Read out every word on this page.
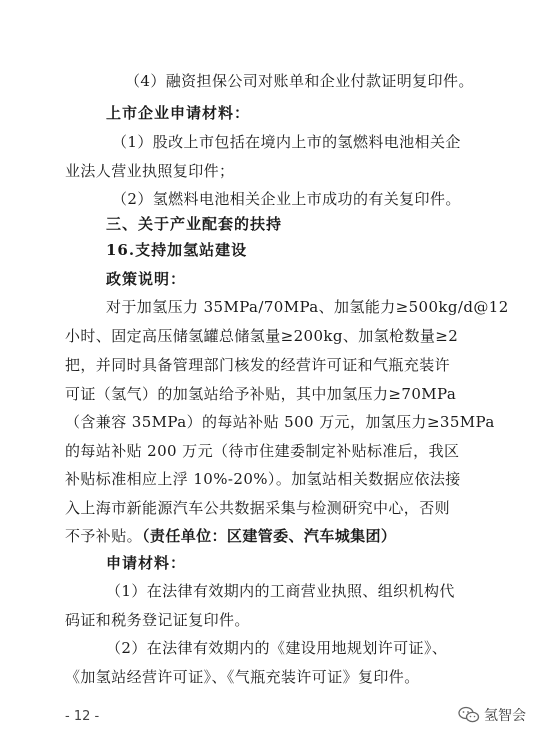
（4）融资担保公司对账单和企业付款证明复印件。
上市企业申请材料：
（1）股改上市包括在境内上市的氢燃料电池相关企
业法人营业执照复印件；
（2）氢燃料电池相关企业上市成功的有关复印件。
三、关于产业配套的扶持
16.支持加氢站建设
政策说明：
对于加氢压力 35MPa/70MPa、加氢能力≥500kg/d@12
小时、固定高压储氢罐总储氢量≥200kg、加氢枪数量≥2
把，并同时具备管理部门核发的经营许可证和气瓶充装许
可证（氢气）的加氢站给予补贴，其中加氢压力≥70MPa
（含兼容 35MPa）的每站补贴 500 万元，加氢压力≥35MPa
的每站补贴 200 万元（待市住建委制定补贴标准后，我区
补贴标准相应上浮 10%-20%）。加氢站相关数据应依法接
入上海市新能源汽车公共数据采集与检测研究中心，否则
不予补贴。（责任单位：区建管委、汽车城集团）
申请材料：
（1）在法律有效期内的工商营业执照、组织机构代
码证和税务登记证复印件。
（2）在法律有效期内的《建设用地规划许可证》、
《加氢站经营许可证》、《气瓶充装许可证》复印件。
- 12 -	氢智会
